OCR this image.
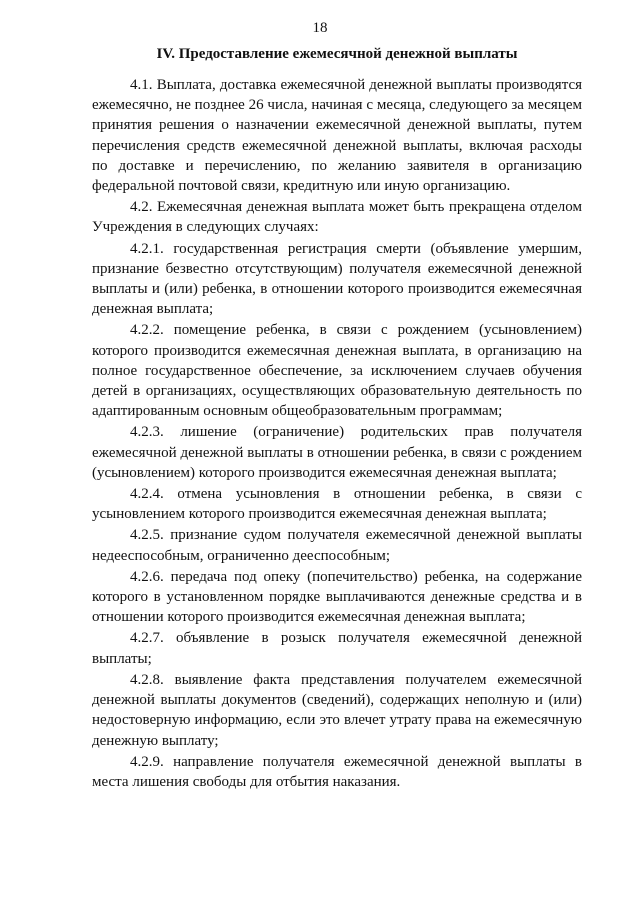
18
IV. Предоставление ежемесячной денежной выплаты

4.1. Выплата, доставка ежемесячной денежной выплаты производятся ежемесячно, не позднее 26 числа, начиная с месяца, следующего за месяцем принятия решения о назначении ежемесячной денежной выплаты, путем перечисления средств ежемесячной денежной выплаты, включая расходы по доставке и перечислению, по желанию заявителя в организацию федеральной почтовой связи, кредитную или иную организацию.

4.2. Ежемесячная денежная выплата может быть прекращена отделом Учреждения в следующих случаях:

4.2.1. государственная регистрация смерти (объявление умершим, признание безвестно отсутствующим) получателя ежемесячной денежной выплаты и (или) ребенка, в отношении которого производится ежемесячная денежная выплата;

4.2.2. помещение ребенка, в связи с рождением (усыновлением) которого производится ежемесячная денежная выплата, в организацию на полное государственное обеспечение, за исключением случаев обучения детей в организациях, осуществляющих образовательную деятельность по адаптированным основным общеобразовательным программам;

4.2.3. лишение (ограничение) родительских прав получателя ежемесячной денежной выплаты в отношении ребенка, в связи с рождением (усыновлением) которого производится ежемесячная денежная выплата;

4.2.4. отмена усыновления в отношении ребенка, в связи с усыновлением которого производится ежемесячная денежная выплата;

4.2.5. признание судом получателя ежемесячной денежной выплаты недееспособным, ограниченно дееспособным;

4.2.6. передача под опеку (попечительство) ребенка, на содержание которого в установленном порядке выплачиваются денежные средства и в отношении которого производится ежемесячная денежная выплата;

4.2.7. объявление в розыск получателя ежемесячной денежной выплаты;

4.2.8. выявление факта представления получателем ежемесячной денежной выплаты документов (сведений), содержащих неполную и (или) недостоверную информацию, если это влечет утрату права на ежемесячную денежную выплату;

4.2.9. направление получателя ежемесячной денежной выплаты в места лишения свободы для отбытия наказания.
